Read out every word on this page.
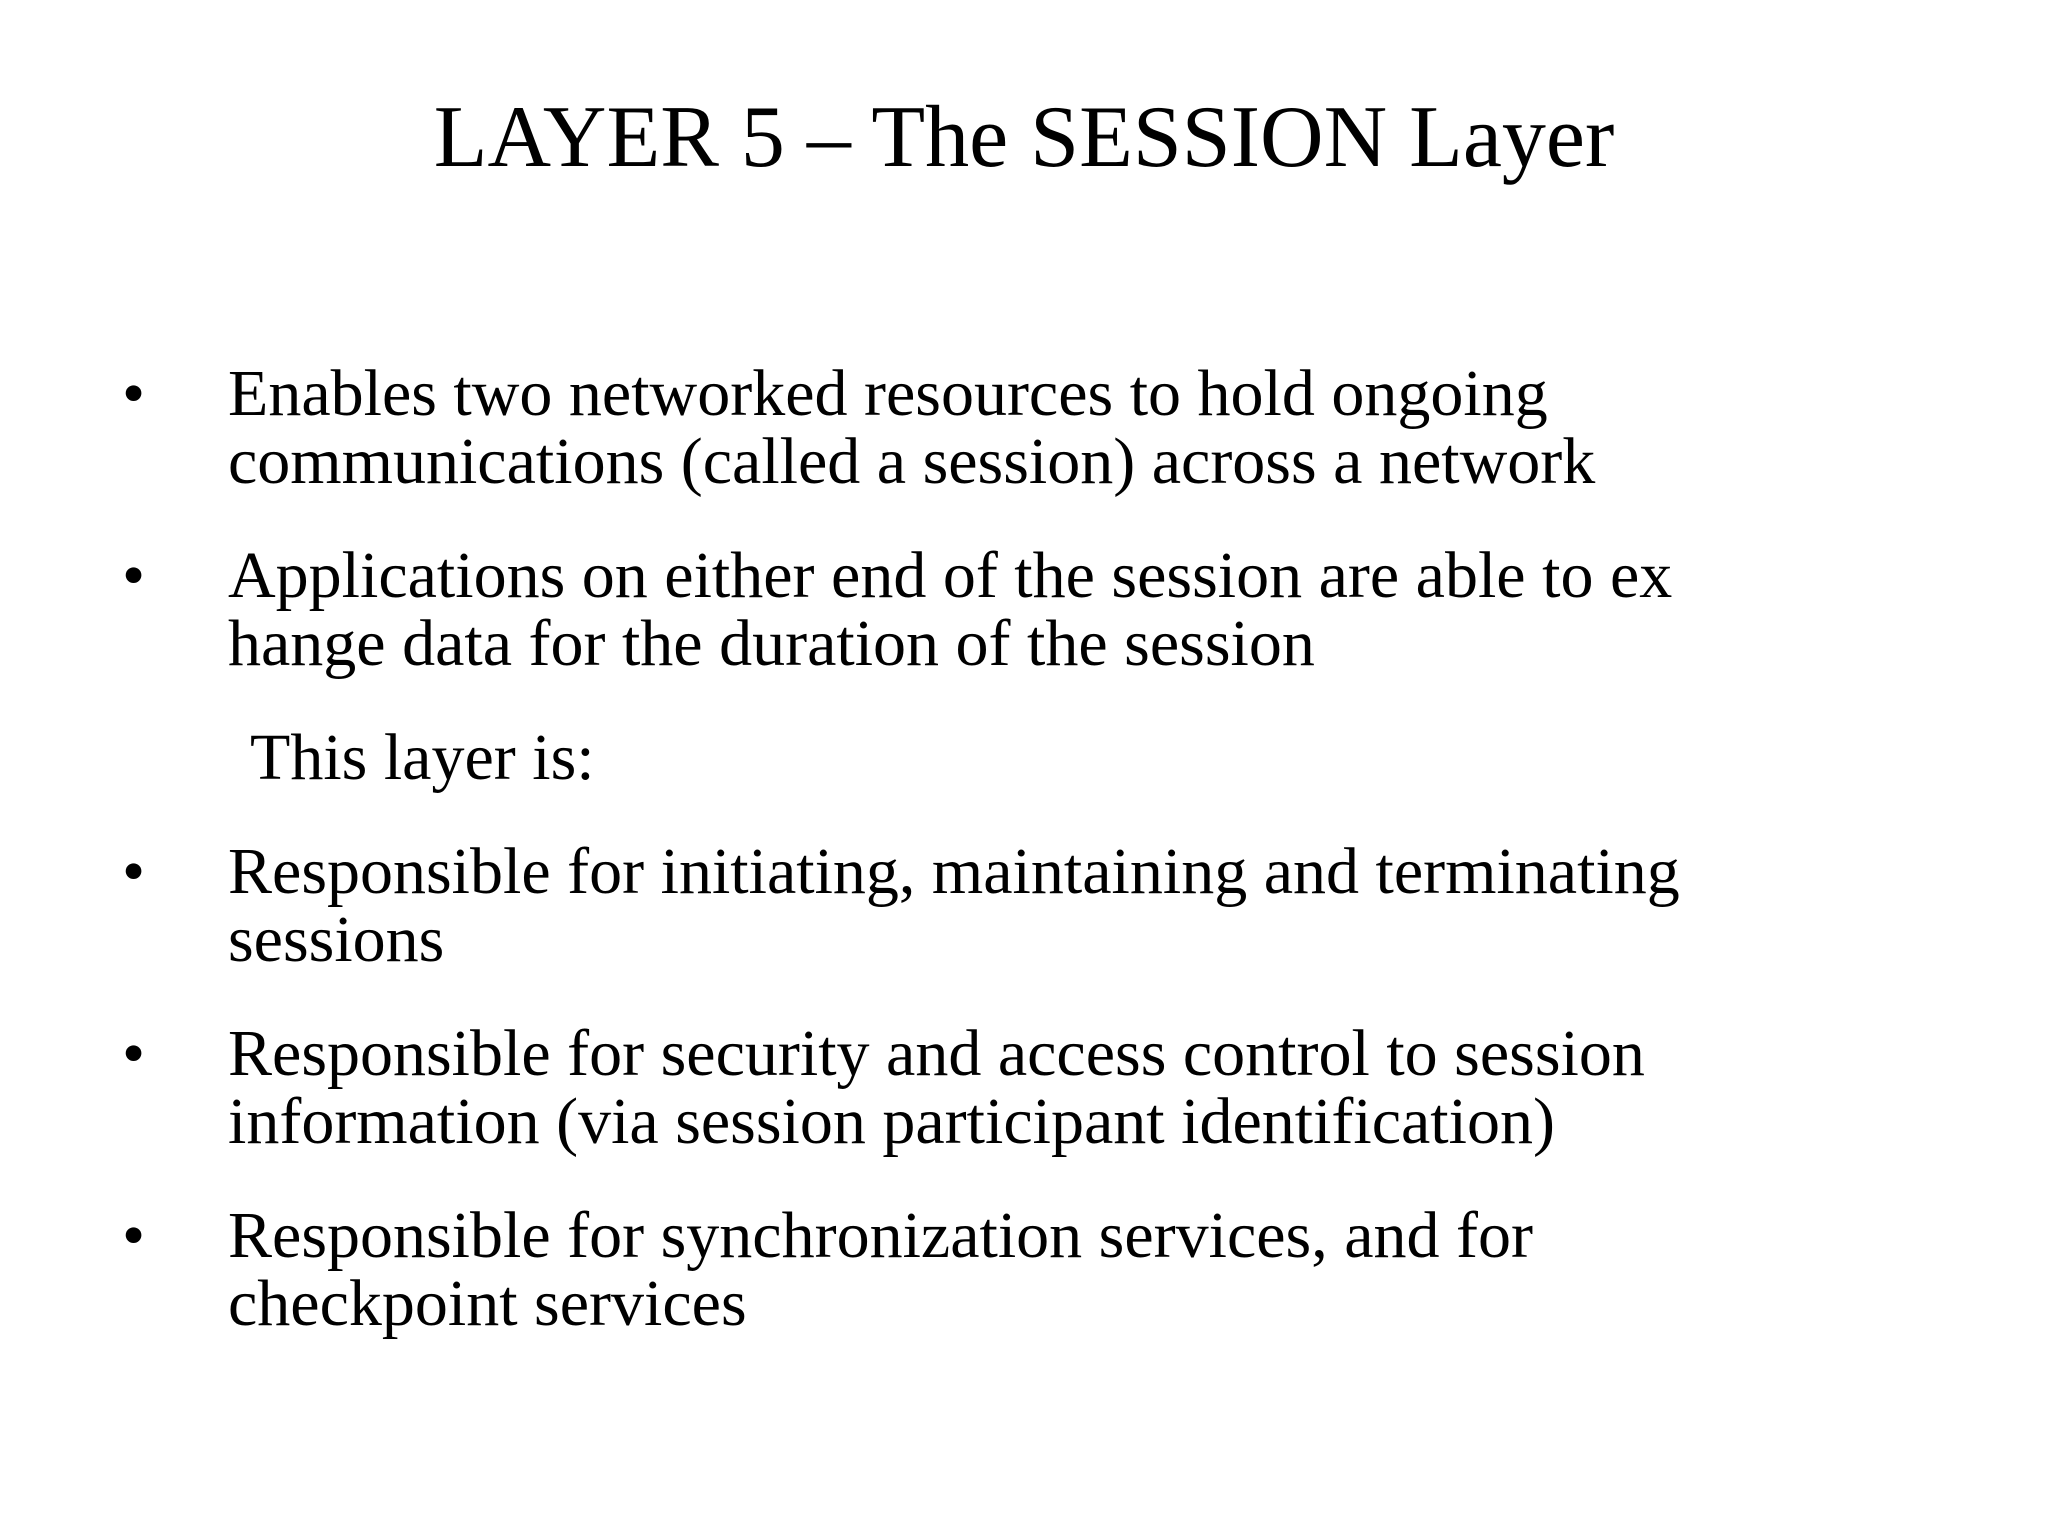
LAYER 5 – The SESSION Layer
•	Enables two networked resources to hold ongoing
communications (called a session) across a network
•	Applications on either end of the session are able to ex
hange data for the duration of the session
This layer is:
•	Responsible for initiating, maintaining and terminating
sessions
•	Responsible for security and access control to session
information (via session participant identification)
•	Responsible for synchronization services, and for
checkpoint services
